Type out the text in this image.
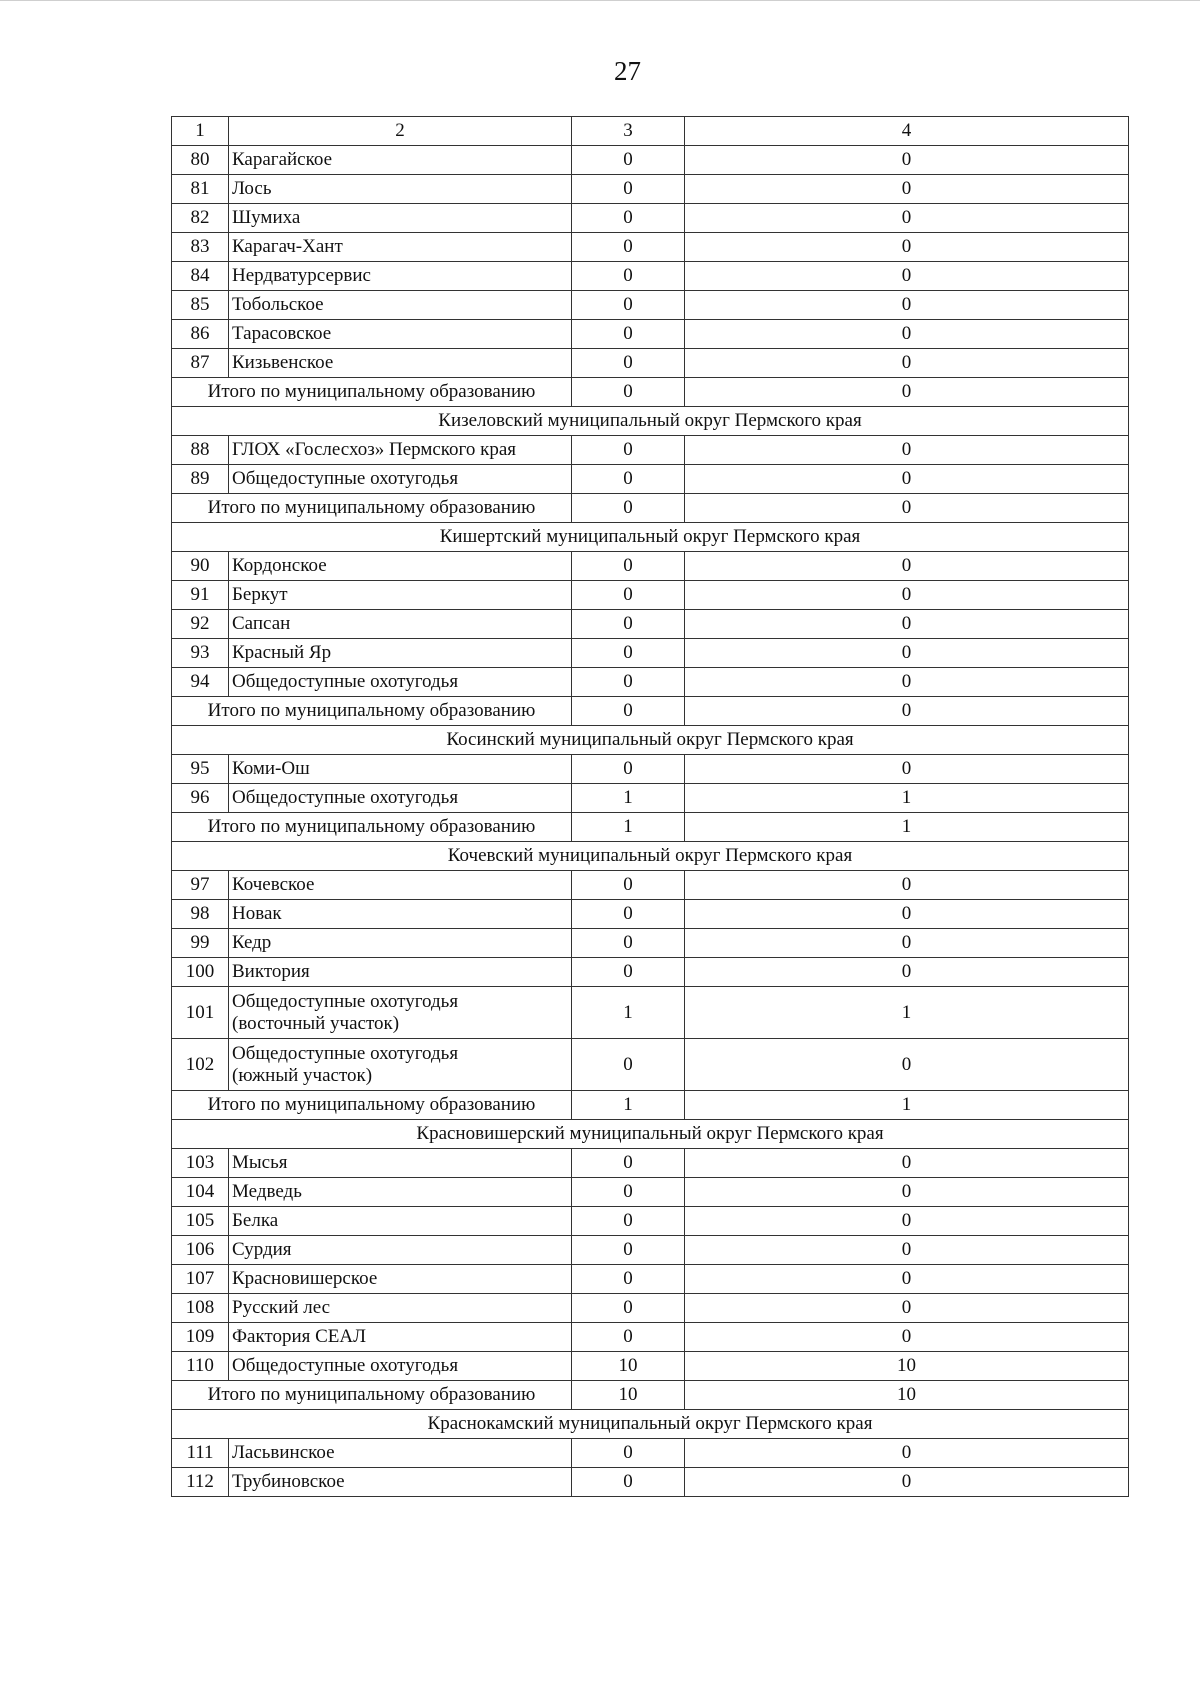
27
1	2	3	4
80	Карагайское	0	0
81	Лось	0	0
82	Шумиха	0	0
83	Карагач-Хант	0	0
84	Нердватурсервис	0	0
85	Тобольское	0	0
86	Тарасовское	0	0
87	Кизьвенское	0	0
Итого по муниципальному образованию		0	0
Кизеловский муниципальный округ Пермского края			
88	ГЛОХ «Гослесхоз» Пермского края	0	0
89	Общедоступные охотугодья	0	0
Итого по муниципальному образованию		0	0
Кишертский муниципальный округ Пермского края			
90	Кордонское	0	0
91	Беркут	0	0
92	Сапсан	0	0
93	Красный Яр	0	0
94	Общедоступные охотугодья	0	0
Итого по муниципальному образованию		0	0
Косинский муниципальный округ Пермского края			
95	Коми-Ош	0	0
96	Общедоступные охотугодья	1	1
Итого по муниципальному образованию		1	1
Кочевский муниципальный округ Пермского края			
97	Кочевское	0	0
98	Новак	0	0
99	Кедр	0	0
100	Виктория	0	0
101	Общедоступные охотугодья
(восточный участок)	1	1
102	Общедоступные охотугодья
(южный участок)	0	0
Итого по муниципальному образованию		1	1
Красновишерский муниципальный округ Пермского края			
103	Мысья	0	0
104	Медведь	0	0
105	Белка	0	0
106	Сурдия	0	0
107	Красновишерское	0	0
108	Русский лес	0	0
109	Фактория СЕАЛ	0	0
110	Общедоступные охотугодья	10	10
Итого по муниципальному образованию		10	10
Краснокамский муниципальный округ Пермского края			
111	Ласьвинское	0	0
112	Трубиновское	0	0
